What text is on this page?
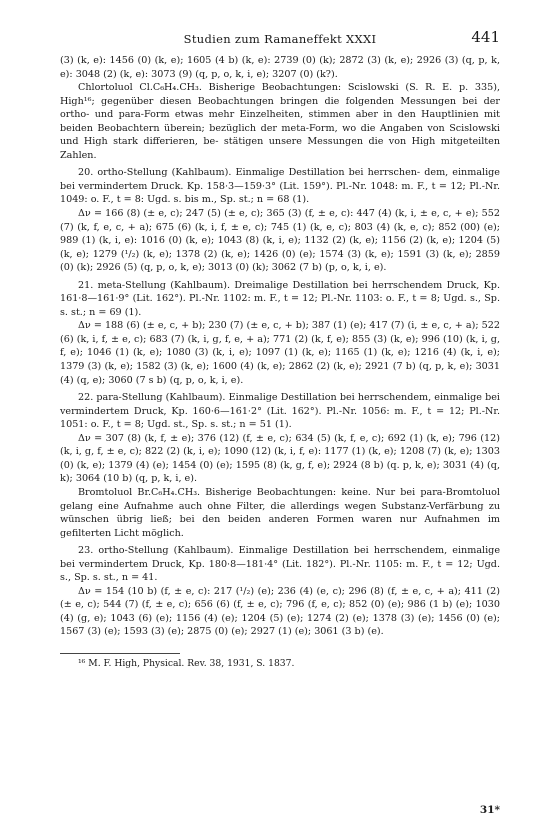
Studien zum Ramaneffekt XXXI	441

(3) (k, e): 1456 (0) (k, e); 1605 (4 b) (k, e): 2739 (0) (k); 2872 (3) (k, e); 2926 (3) (q, p, k, e): 3048 (2) (k, e): 3073 (9) (q, p, o, k, i, e); 3207 (0) (k?).

Chlortoluol Cl.C₆H₄.CH₃. Bisherige Beobachtungen: Scislowski (S. R. E. p. 335), High¹⁶; gegenüber diesen Beobachtungen bringen die folgenden Messungen bei der ortho- und para-Form etwas mehr Einzelheiten, stimmen aber in den Hauptlinien mit beiden Beobachtern überein; bezüglich der meta-Form, wo die Angaben von Scislowski und High stark differieren, be- stätigen unsere Messungen die von High mitgeteilten Zahlen.

20. ortho-Stellung (Kahlbaum). Einmalige Destillation bei herrschen- dem, einmalige bei vermindertem Druck. Kp. 158·3—159·3° (Lit. 159°). Pl.-Nr. 1048: m. F., t = 12; Pl.-Nr. 1049: o. F., t = 8: Ugd. s. bis m., Sp. st.; n = 68 (1).

Δν = 166 (8) (± e, c); 247 (5) (± e, c); 365 (3) (f, ± e, c): 447 (4) (k, i, ± e, c, + e); 552 (7) (k, f, e, c, + a); 675 (6) (k, i, f, ± e, c); 745 (1) (k, e, c); 803 (4) (k, e, c); 852 (00) (e); 989 (1) (k, i, e): 1016 (0) (k, e); 1043 (8) (k, i, e); 1132 (2) (k, e); 1156 (2) (k, e); 1204 (5) (k, e); 1279 (¹/₂) (k, e); 1378 (2) (k, e); 1426 (0) (e); 1574 (3) (k, e); 1591 (3) (k, e); 2859 (0) (k); 2926 (5) (q, p, o, k, e); 3013 (0) (k); 3062 (7 b) (p, o, k, i, e).

21. meta-Stellung (Kahlbaum). Dreimalige Destillation bei herrschendem Druck, Kp. 161·8—161·9° (Lit. 162°). Pl.-Nr. 1102: m. F., t = 12; Pl.-Nr. 1103: o. F., t = 8; Ugd. s., Sp. s. st.; n = 69 (1).

Δν = 188 (6) (± e, c, + b); 230 (7) (± e, c, + b); 387 (1) (e); 417 (7) (i, ± e, c, + a); 522 (6) (k, i, f, ± e, c); 683 (7) (k, i, g, f, e, + a); 771 (2) (k, f, e); 855 (3) (k, e); 996 (10) (k, i, g, f, e); 1046 (1) (k, e); 1080 (3) (k, i, e); 1097 (1) (k, e); 1165 (1) (k, e); 1216 (4) (k, i, e); 1379 (3) (k, e); 1582 (3) (k, e); 1600 (4) (k, e); 2862 (2) (k, e); 2921 (7 b) (q, p, k, e); 3031 (4) (q, e); 3060 (7 s b) (q, p, o, k, i, e).

22. para-Stellung (Kahlbaum). Einmalige Destillation bei herrschendem, einmalige bei vermindertem Druck, Kp. 160·6—161·2° (Lit. 162°). Pl.-Nr. 1056: m. F., t = 12; Pl.-Nr. 1051: o. F., t = 8; Ugd. st., Sp. s. st.; n = 51 (1).

Δν = 307 (8) (k, f, ± e); 376 (12) (f, ± e, c); 634 (5) (k, f, e, c); 692 (1) (k, e); 796 (12) (k, i, g, f, ± e, c); 822 (2) (k, i, e); 1090 (12) (k, i, f, e): 1177 (1) (k, e); 1208 (7) (k, e); 1303 (0) (k, e); 1379 (4) (e); 1454 (0) (e); 1595 (8) (k, g, f, e); 2924 (8 b) (q. p, k, e); 3031 (4) (q, k); 3064 (10 b) (q, p, k, i, e).

Bromtoluol Br.C₆H₄.CH₃. Bisherige Beobachtungen: keine. Nur bei para-Bromtoluol gelang eine Aufnahme auch ohne Filter, die allerdings wegen Substanz-Verfärbung zu wünschen übrig ließ; bei den beiden anderen Formen waren nur Aufnahmen im gefilterten Licht möglich.

23. ortho-Stellung (Kahlbaum). Einmalige Destillation bei herrschendem, einmalige bei vermindertem Druck, Kp. 180·8—181·4° (Lit. 182°). Pl.-Nr. 1105: m. F., t = 12; Ugd. s., Sp. s. st., n = 41.

Δν = 154 (10 b) (f, ± e, c): 217 (¹/₂) (e); 236 (4) (e, c); 296 (8) (f, ± e, c, + a); 411 (2) (± e, c); 544 (7) (f, ± e, c); 656 (6) (f, ± e, c); 796 (f, e, c); 852 (0) (e); 986 (1 b) (e); 1030 (4) (g, e); 1043 (6) (e); 1156 (4) (e); 1204 (5) (e); 1274 (2) (e); 1378 (3) (e); 1456 (0) (e); 1567 (3) (e); 1593 (3) (e); 2875 (0) (e); 2927 (1) (e); 3061 (3 b) (e).

¹⁶ M. F. High, Physical. Rev. 38, 1931, S. 1837.
31*
